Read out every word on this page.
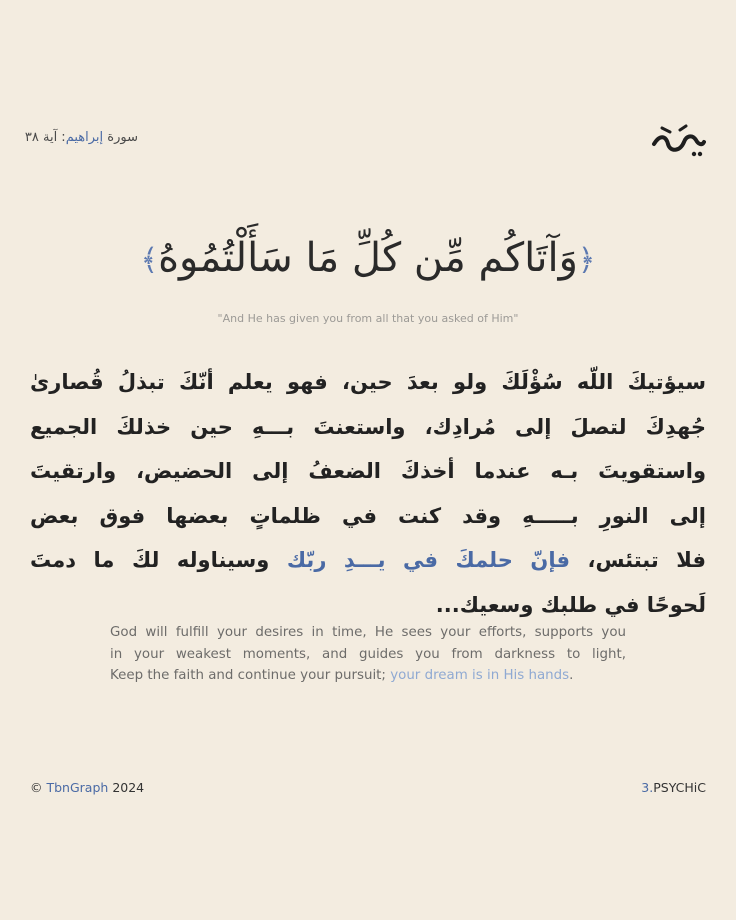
سورة إبراهيم: آية ٣٨
﴿وَآتَاكُم مِّن كُلِّ مَا سَأَلْتُمُوهُ﴾
"And He has given you from all that you asked of Him"
سيؤتيكَ اللّه سُؤْلَكَ ولو بعدَ حين، فهو يعلم أنّكَ تبذلُ قُصارىٰ
جُهدِكَ لتصلَ إلى مُرادِك، واستعنتَ بـــهِ حين خذلكَ الجميع
واستقويتَ بـه عندما أخذكَ الضعفُ إلى الحضيض، وارتقيتَ
إلى النورِ بـــــهِ وقد كنت في ظلماتٍ بعضها فوق بعض
فلا تبتئس، فإنّ حلمكَ في يـــدِ ربّك وسيناوله لكَ ما دمتَ
لَحوحًا في طلبك وسعيك...
God will fulfill your desires in time, He sees your efforts, supports you
in your weakest moments, and guides you from darkness to light,
Keep the faith and continue your pursuit; your dream is in His hands.
© TbnGraph 2024	3.PSYCHiC
